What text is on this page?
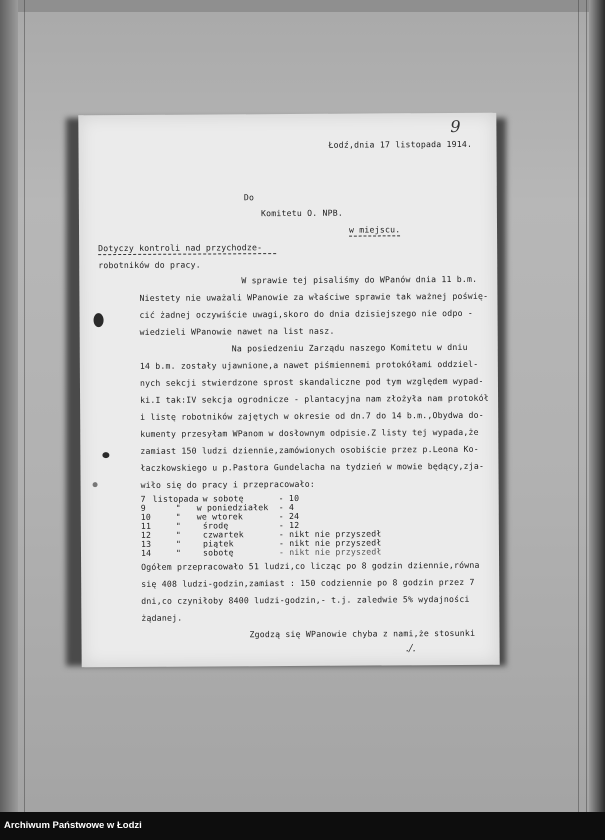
9
Łodź,dnia 17 listopada 1914.
Do
Komitetu O. NPB.
w miejscu.
Dotyczy kontroli nad przychodze-
robotników do pracy.
W sprawie tej pisaliśmy do WPanów dnia 11 b.m.
Niestety nie uważali WPanowie za właściwe sprawie tak ważnej poświę-
cić żadnej oczywiście uwagi,skoro do dnia dzisiejszego nie odpo -
wiedzieli WPanowie nawet na list nasz.
Na posiedzeniu Zarządu naszego Komitetu w dniu
14 b.m. zostały ujawnione,a nawet piśmiennemi protokółami oddziel-
nych sekcji stwierdzone sprost skandaliczne pod tym względem wypad-
ki.I tak:IV sekcja ogrodnicze - plantacyjna nam złożyła nam protokół
i listę robotników zajętych w okresie od dn.7 do 14 b.m.,Obydwa do-
kumenty przesyłam WPanom w dosłownym odpisie.Z listy tej wypada,że
zamiast 150 ludzi dziennie,zamówionych osobiście przez p.Leona Ko-
łaczkowskiego u p.Pastora Gundelacha na tydzień w mowie będący,zja-
wiło się do pracy i przepracowało:
7 listopada w sobotę	- 10
9	" w poniedziałek - 4
10	" we wtorek	- 24
11	"	środę	- 12
12	"	czwartek	- nikt nie przyszedł
13	"	piątek	- nikt nie przyszedł
14	"	sobotę	- nikt nie przyszedł
Ogółem przepracowało 51 ludzi,co licząc po 8 godzin dziennie,równa
się 408 ludzi-godzin,zamiast : 150 codziennie po 8 godzin przez 7
dni,co czyniłoby 8400 ludzi-godzin,- t.j. zaledwie 5% wydajności
żądanej.
Zgodzą się WPanowie chyba z nami,że stosunki
./.
Archiwum Państwowe w Łodzi
